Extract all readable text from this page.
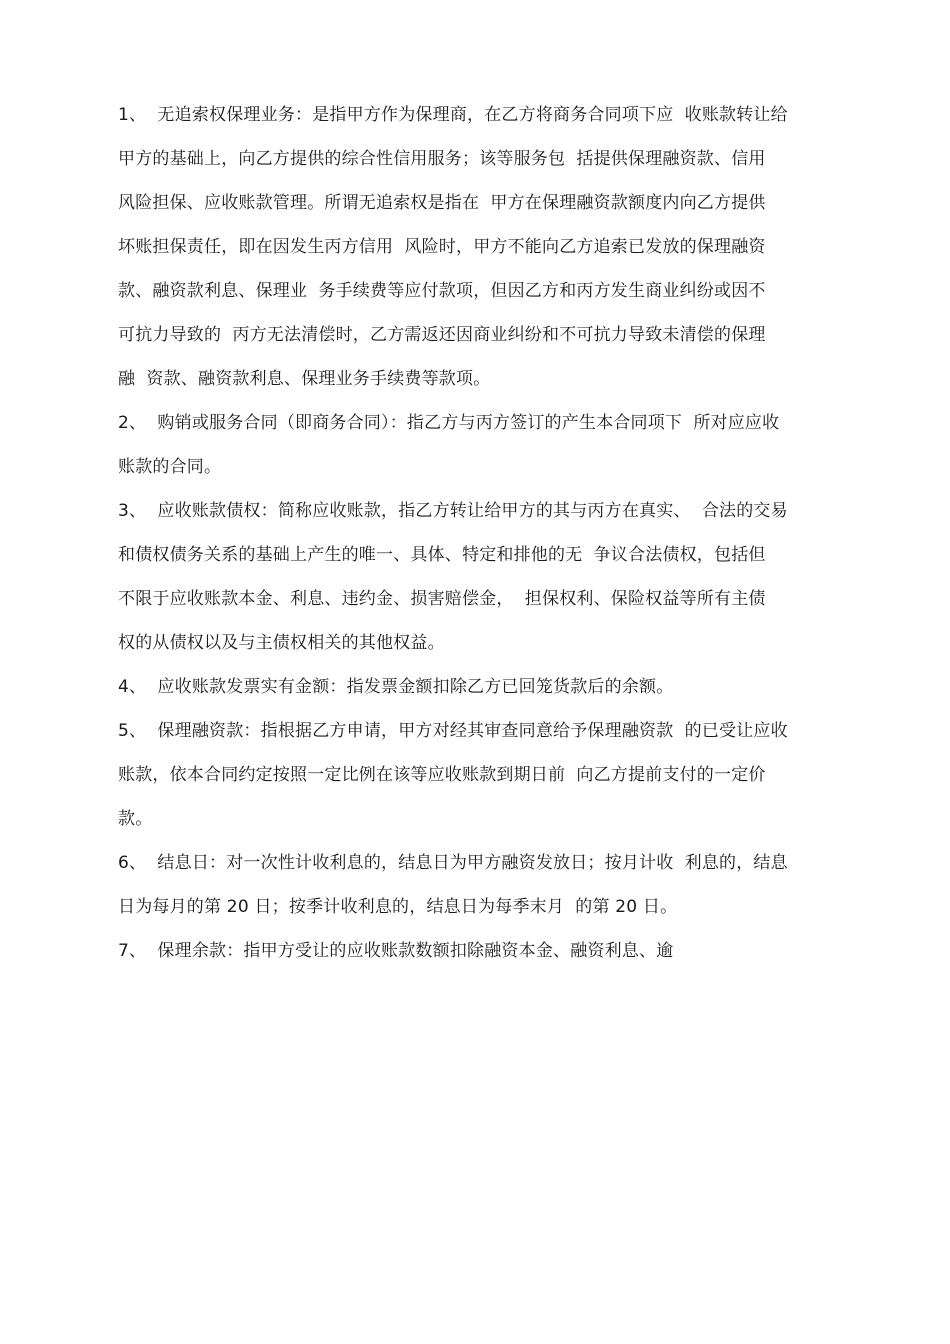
1、  无追索权保理业务：是指甲方作为保理商，在乙方将商务合同项下应  收账款转让给
甲方的基础上，向乙方提供的综合性信用服务；该等服务包  括提供保理融资款、信用
风险担保、应收账款管理。所谓无追索权是指在  甲方在保理融资款额度内向乙方提供
坏账担保责任，即在因发生丙方信用  风险时，甲方不能向乙方追索已发放的保理融资
款、融资款利息、保理业  务手续费等应付款项，但因乙方和丙方发生商业纠纷或因不
可抗力导致的  丙方无法清偿时，乙方需返还因商业纠纷和不可抗力导致未清偿的保理
融  资款、融资款利息、保理业务手续费等款项。
2、  购销或服务合同（即商务合同）：指乙方与丙方签订的产生本合同项下  所对应应收
账款的合同。
3、  应收账款债权：简称应收账款，指乙方转让给甲方的其与丙方在真实、  合法的交易
和债权债务关系的基础上产生的唯一、具体、特定和排他的无  争议合法债权，包括但
不限于应收账款本金、利息、违约金、损害赔偿金，  担保权利、保险权益等所有主债
权的从债权以及与主债权相关的其他权益。
4、  应收账款发票实有金额：指发票金额扣除乙方已回笼货款后的余额。
5、  保理融资款：指根据乙方申请，甲方对经其审查同意给予保理融资款  的已受让应收
账款，依本合同约定按照一定比例在该等应收账款到期日前  向乙方提前支付的一定价
款。
6、  结息日：对一次性计收利息的，结息日为甲方融资发放日；按月计收  利息的，结息
日为每月的第 20 日；按季计收利息的，结息日为每季末月  的第 20 日。
7、  保理余款：指甲方受让的应收账款数额扣除融资本金、融资利息、逾
